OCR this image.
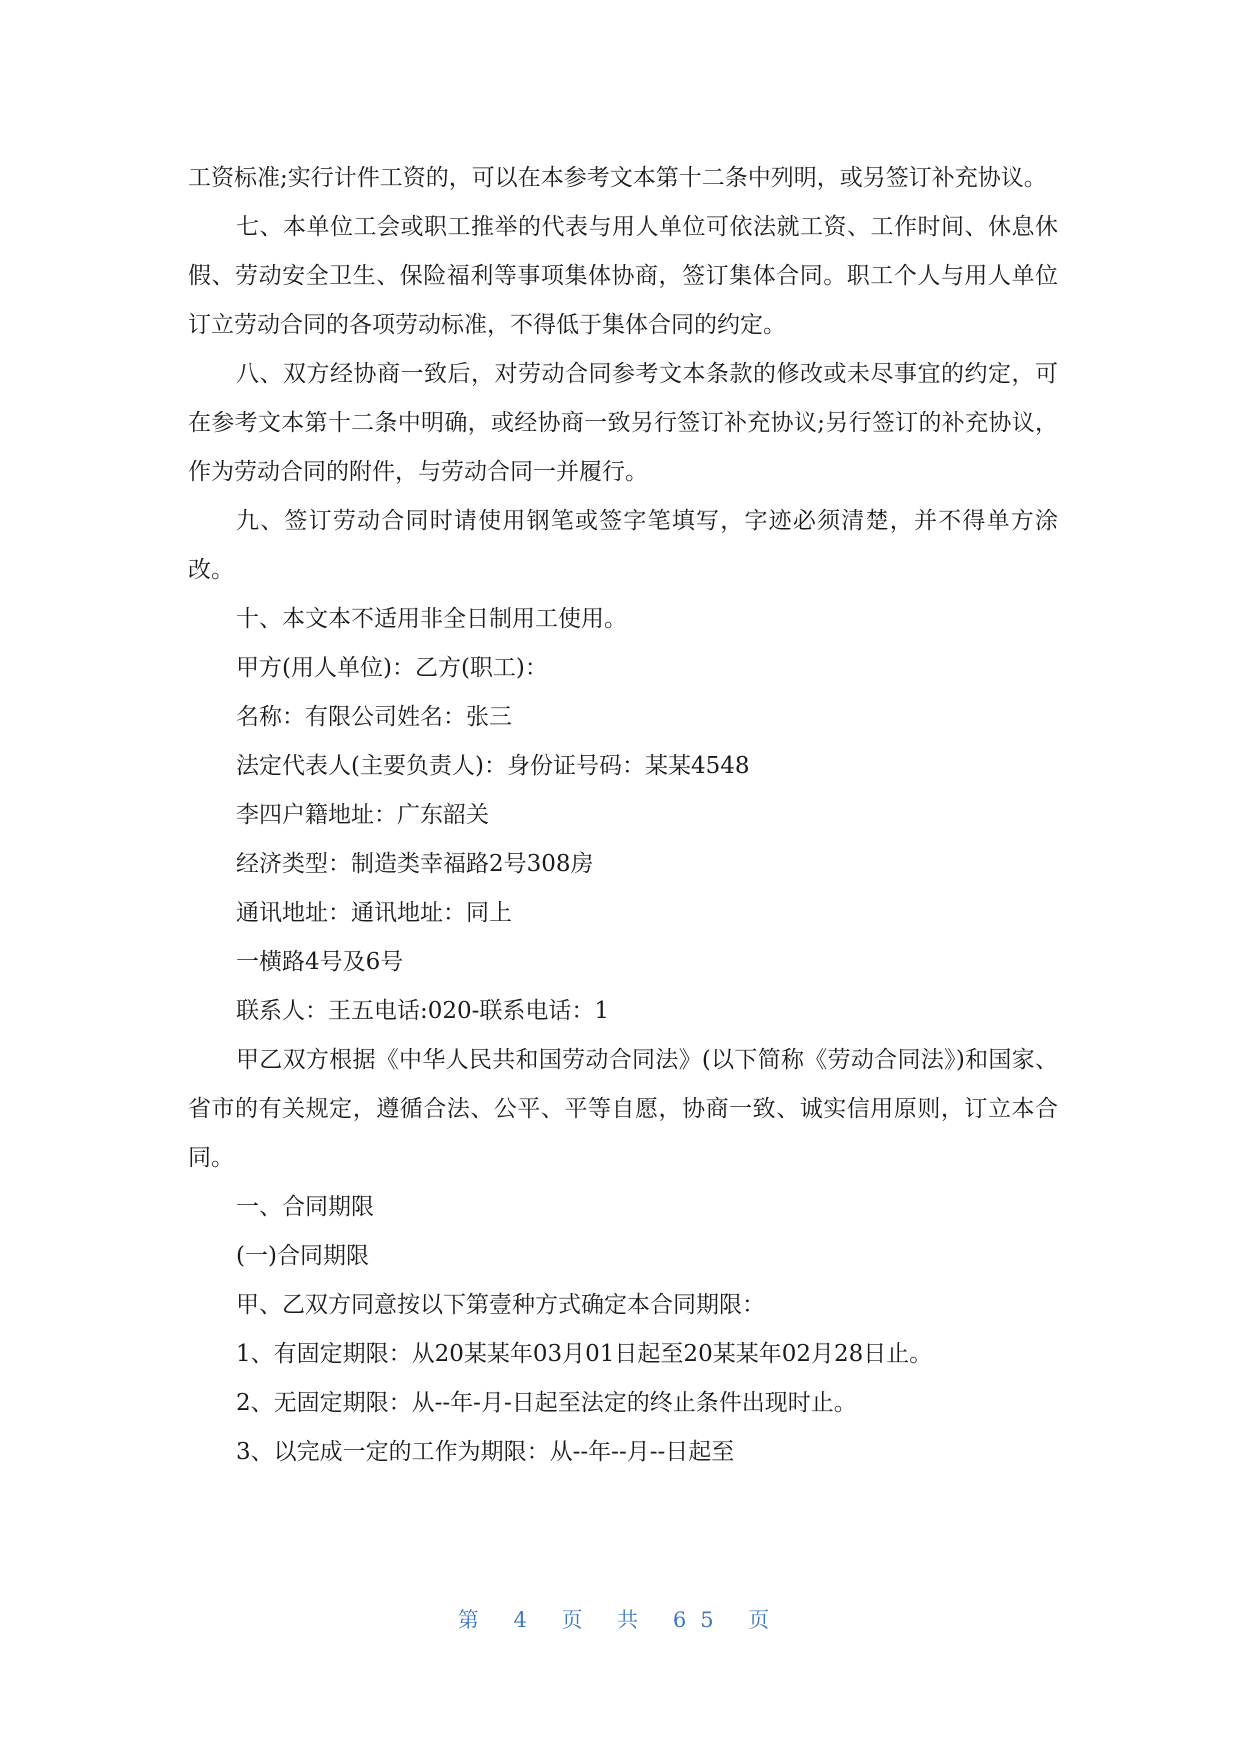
工资标准;实行计件工资的，可以在本参考文本第十二条中列明，或另签订补充协议。

七、本单位工会或职工推举的代表与用人单位可依法就工资、工作时间、休息休假、劳动安全卫生、保险福利等事项集体协商，签订集体合同。职工个人与用人单位订立劳动合同的各项劳动标准，不得低于集体合同的约定。

八、双方经协商一致后，对劳动合同参考文本条款的修改或未尽事宜的约定，可在参考文本第十二条中明确，或经协商一致另行签订补充协议;另行签订的补充协议，作为劳动合同的附件，与劳动合同一并履行。

九、签订劳动合同时请使用钢笔或签字笔填写，字迹必须清楚，并不得单方涂改。

十、本文本不适用非全日制用工使用。

甲方(用人单位)：乙方(职工)：

名称：有限公司姓名：张三

法定代表人(主要负责人)：身份证号码：某某4548

李四户籍地址：广东韶关

经济类型：制造类幸福路2号308房

通讯地址：通讯地址：同上

一横路4号及6号

联系人：王五电话:020-联系电话：1

甲乙双方根据《中华人民共和国劳动合同法》(以下简称《劳动合同法》)和国家、省市的有关规定，遵循合法、公平、平等自愿，协商一致、诚实信用原则，订立本合同。

一、合同期限

(一)合同期限

甲、乙双方同意按以下第壹种方式确定本合同期限：

1、有固定期限：从20某某年03月01日起至20某某年02月28日止。

2、无固定期限：从--年-月-日起至法定的终止条件出现时止。

3、以完成一定的工作为期限：从--年--月--日起至

第 4 页 共 65 页
